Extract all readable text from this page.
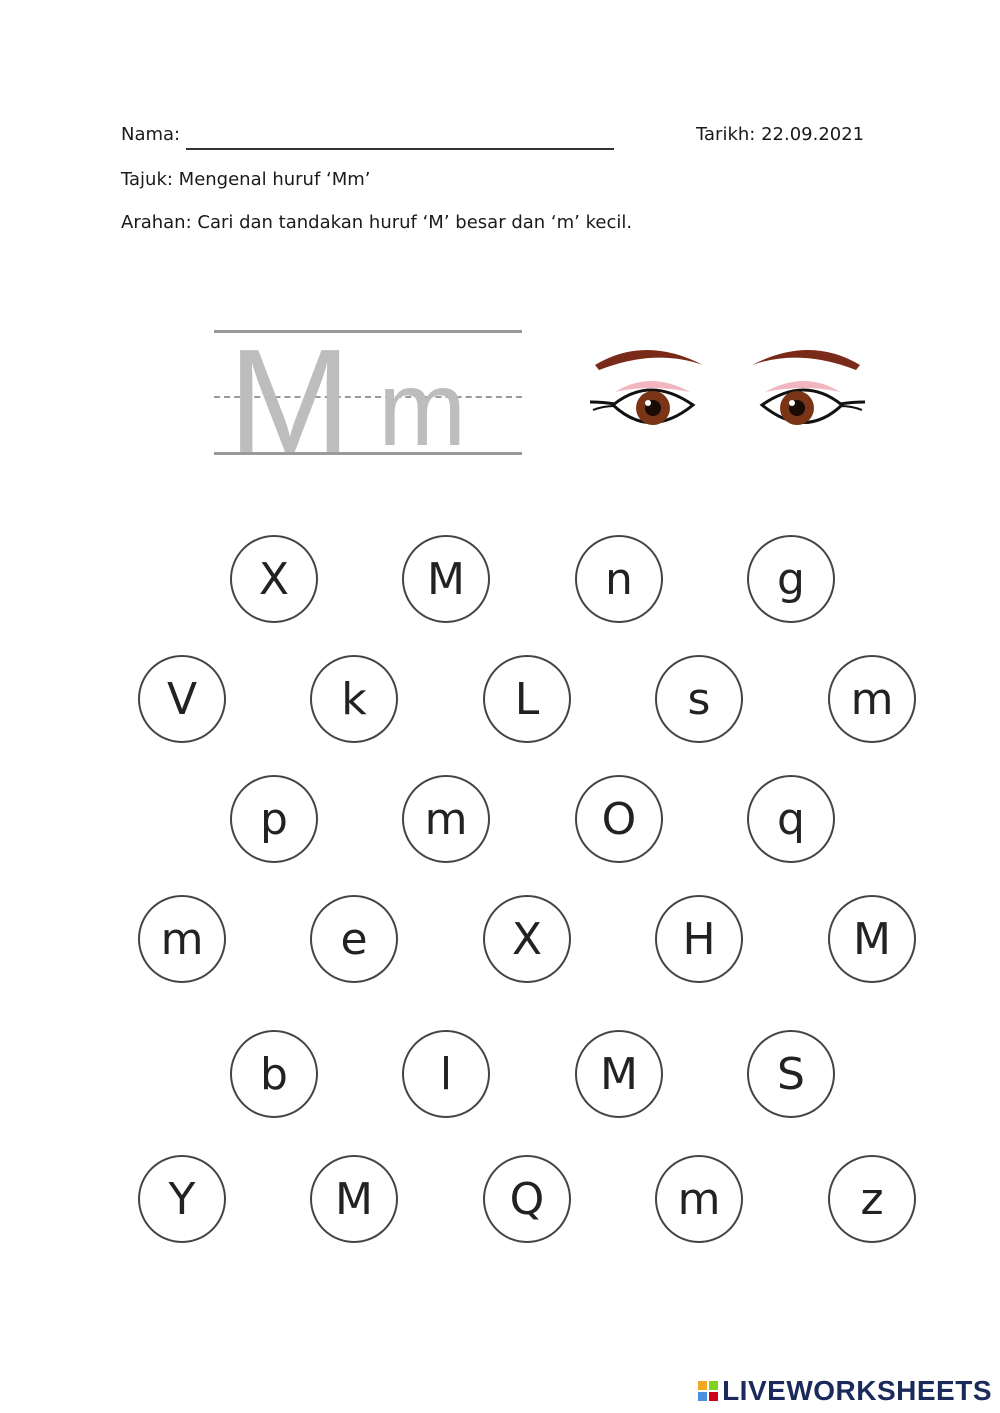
Nama:	Tarikh: 22.09.2021
Tajuk: Mengenal huruf ‘Mm’
Arahan: Cari dan tandakan huruf ‘M’ besar dan ‘m’ kecil.
M m
X	M	n	g
V	k	L	s	m
p	m	O	q
m	e	X	H	M
b	l	M	S
Y	M	Q	m	z
LIVEWORKSHEETS
